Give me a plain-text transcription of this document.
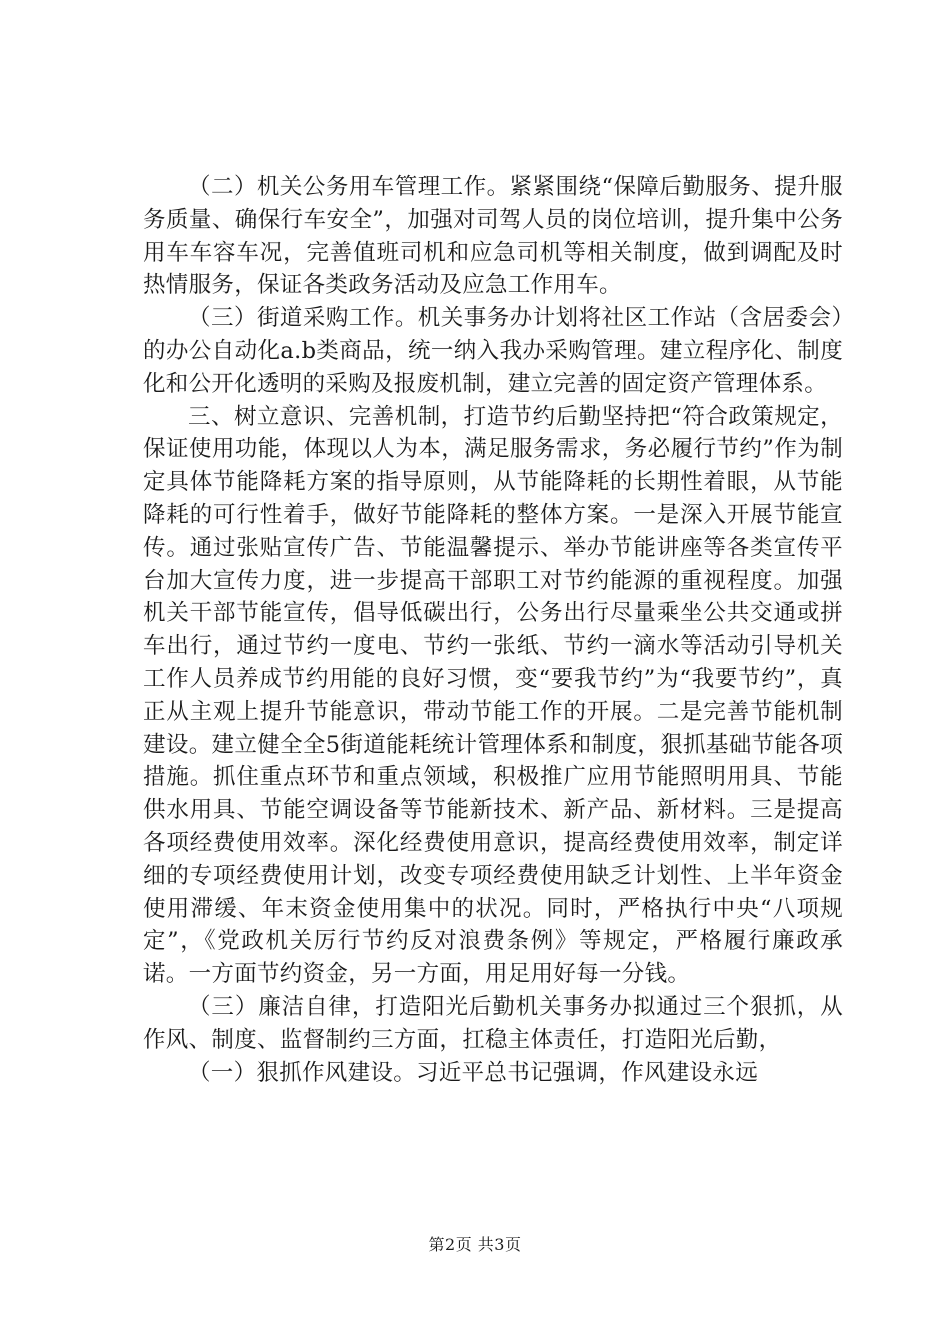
（二）机关公务用车管理工作。紧紧围绕“保障后勤服务、提升服务质量、确保行车安全”，加强对司驾人员的岗位培训，提升集中公务用车车容车况，完善值班司机和应急司机等相关制度，做到调配及时热情服务，保证各类政务活动及应急工作用车。

（三）街道采购工作。机关事务办计划将社区工作站（含居委会）的办公自动化a.b类商品，统一纳入我办采购管理。建立程序化、制度化和公开化透明的采购及报废机制，建立完善的固定资产管理体系。

三、树立意识、完善机制，打造节约后勤坚持把“符合政策规定，保证使用功能，体现以人为本，满足服务需求，务必履行节约”作为制定具体节能降耗方案的指导原则，从节能降耗的长期性着眼，从节能降耗的可行性着手，做好节能降耗的整体方案。一是深入开展节能宣传。通过张贴宣传广告、节能温馨提示、举办节能讲座等各类宣传平台加大宣传力度，进一步提高干部职工对节约能源的重视程度。加强机关干部节能宣传，倡导低碳出行，公务出行尽量乘坐公共交通或拼车出行，通过节约一度电、节约一张纸、节约一滴水等活动引导机关工作人员养成节约用能的良好习惯，变“要我节约”为“我要节约”，真正从主观上提升节能意识，带动节能工作的开展。二是完善节能机制建设。建立健全全5街道能耗统计管理体系和制度，狠抓基础节能各项措施。抓住重点环节和重点领域，积极推广应用节能照明用具、节能供水用具、节能空调设备等节能新技术、新产品、新材料。三是提高各项经费使用效率。深化经费使用意识，提高经费使用效率，制定详细的专项经费使用计划，改变专项经费使用缺乏计划性、上半年资金使用滞缓、年末资金使用集中的状况。同时，严格执行中央“八项规定”，《党政机关厉行节约反对浪费条例》等规定，严格履行廉政承诺。一方面节约资金，另一方面，用足用好每一分钱。

（三）廉洁自律，打造阳光后勤机关事务办拟通过三个狠抓，从作风、制度、监督制约三方面，扛稳主体责任，打造阳光后勤，

（一）狠抓作风建设。习近平总书记强调，作风建设永远

第2页 共3页
